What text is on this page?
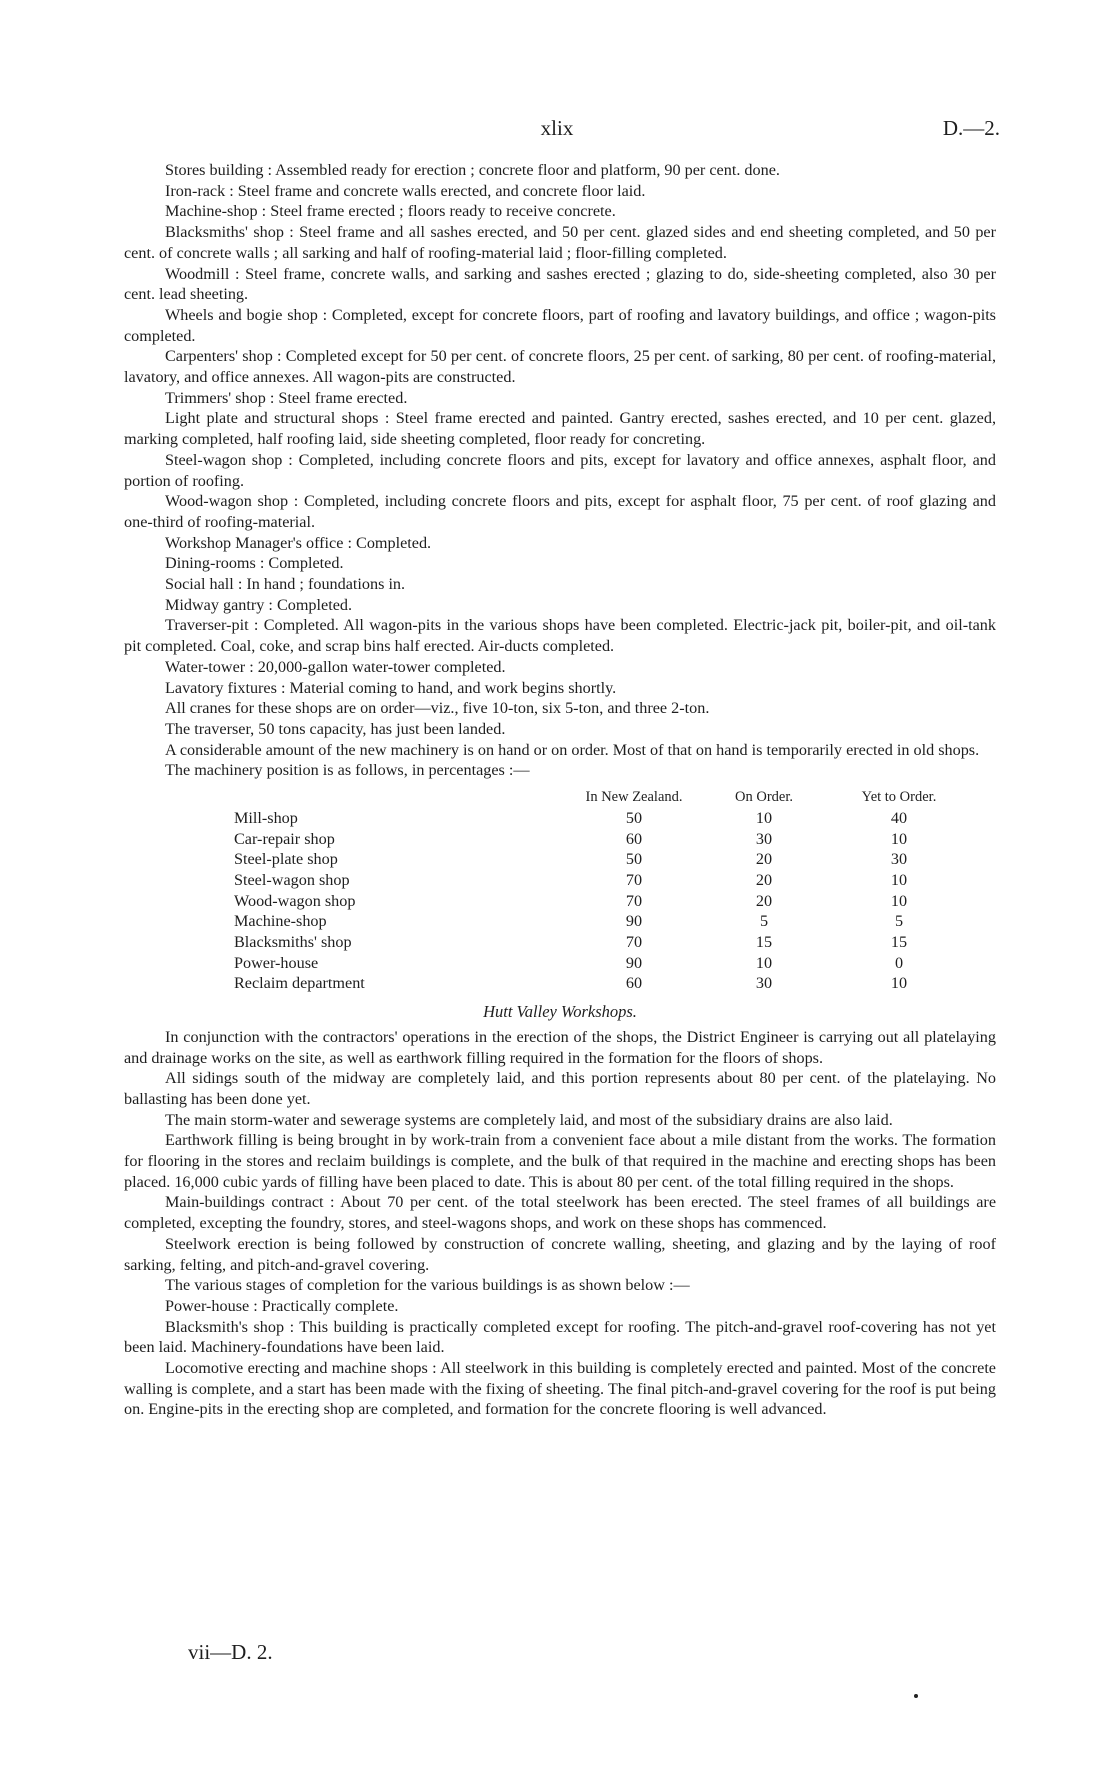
xlix	D.—2.

Stores building : Assembled ready for erection ; concrete floor and platform, 90 per cent. done.

Iron-rack : Steel frame and concrete walls erected, and concrete floor laid.

Machine-shop : Steel frame erected ; floors ready to receive concrete.

Blacksmiths' shop : Steel frame and all sashes erected, and 50 per cent. glazed sides and end sheeting completed, and 50 per cent. of concrete walls ; all sarking and half of roofing-material laid ; floor-filling completed.

Woodmill : Steel frame, concrete walls, and sarking and sashes erected ; glazing to do, side-sheeting completed, also 30 per cent. lead sheeting.

Wheels and bogie shop : Completed, except for concrete floors, part of roofing and lavatory buildings, and office ; wagon-pits completed.

Carpenters' shop : Completed except for 50 per cent. of concrete floors, 25 per cent. of sarking, 80 per cent. of roofing-material, lavatory, and office annexes. All wagon-pits are constructed.

Trimmers' shop : Steel frame erected.

Light plate and structural shops : Steel frame erected and painted. Gantry erected, sashes erected, and 10 per cent. glazed, marking completed, half roofing laid, side sheeting completed, floor ready for concreting.

Steel-wagon shop : Completed, including concrete floors and pits, except for lavatory and office annexes, asphalt floor, and portion of roofing.

Wood-wagon shop : Completed, including concrete floors and pits, except for asphalt floor, 75 per cent. of roof glazing and one-third of roofing-material.

Workshop Manager's office : Completed.

Dining-rooms : Completed.

Social hall : In hand ; foundations in.

Midway gantry : Completed.

Traverser-pit : Completed. All wagon-pits in the various shops have been completed. Electric-jack pit, boiler-pit, and oil-tank pit completed. Coal, coke, and scrap bins half erected. Air-ducts completed.

Water-tower : 20,000-gallon water-tower completed.

Lavatory fixtures : Material coming to hand, and work begins shortly.

All cranes for these shops are on order—viz., five 10-ton, six 5-ton, and three 2-ton.

The traverser, 50 tons capacity, has just been landed.

A considerable amount of the new machinery is on hand or on order. Most of that on hand is temporarily erected in old shops.

The machinery position is as follows, in percentages :—

	In New Zealand.	On Order.	Yet to Order.
Mill-shop	50	10	40
Car-repair shop	60	30	10
Steel-plate shop	50	20	30
Steel-wagon shop	70	20	10
Wood-wagon shop	70	20	10
Machine-shop	90	5	5
Blacksmiths' shop	70	15	15
Power-house	90	10	0
Reclaim department	60	30	10
Hutt Valley Workshops.

In conjunction with the contractors' operations in the erection of the shops, the District Engineer is carrying out all platelaying and drainage works on the site, as well as earthwork filling required in the formation for the floors of shops.

All sidings south of the midway are completely laid, and this portion represents about 80 per cent. of the platelaying. No ballasting has been done yet.

The main storm-water and sewerage systems are completely laid, and most of the subsidiary drains are also laid.

Earthwork filling is being brought in by work-train from a convenient face about a mile distant from the works. The formation for flooring in the stores and reclaim buildings is complete, and the bulk of that required in the machine and erecting shops has been placed. 16,000 cubic yards of filling have been placed to date. This is about 80 per cent. of the total filling required in the shops.

Main-buildings contract : About 70 per cent. of the total steelwork has been erected. The steel frames of all buildings are completed, excepting the foundry, stores, and steel-wagons shops, and work on these shops has commenced.

Steelwork erection is being followed by construction of concrete walling, sheeting, and glazing and by the laying of roof sarking, felting, and pitch-and-gravel covering.

The various stages of completion for the various buildings is as shown below :—

Power-house : Practically complete.

Blacksmith's shop : This building is practically completed except for roofing. The pitch-and-gravel roof-covering has not yet been laid. Machinery-foundations have been laid.

Locomotive erecting and machine shops : All steelwork in this building is completely erected and painted. Most of the concrete walling is complete, and a start has been made with the fixing of sheeting. The final pitch-and-gravel covering for the roof is put being on. Engine-pits in the erecting shop are completed, and formation for the concrete flooring is well advanced.

vii—D. 2.
